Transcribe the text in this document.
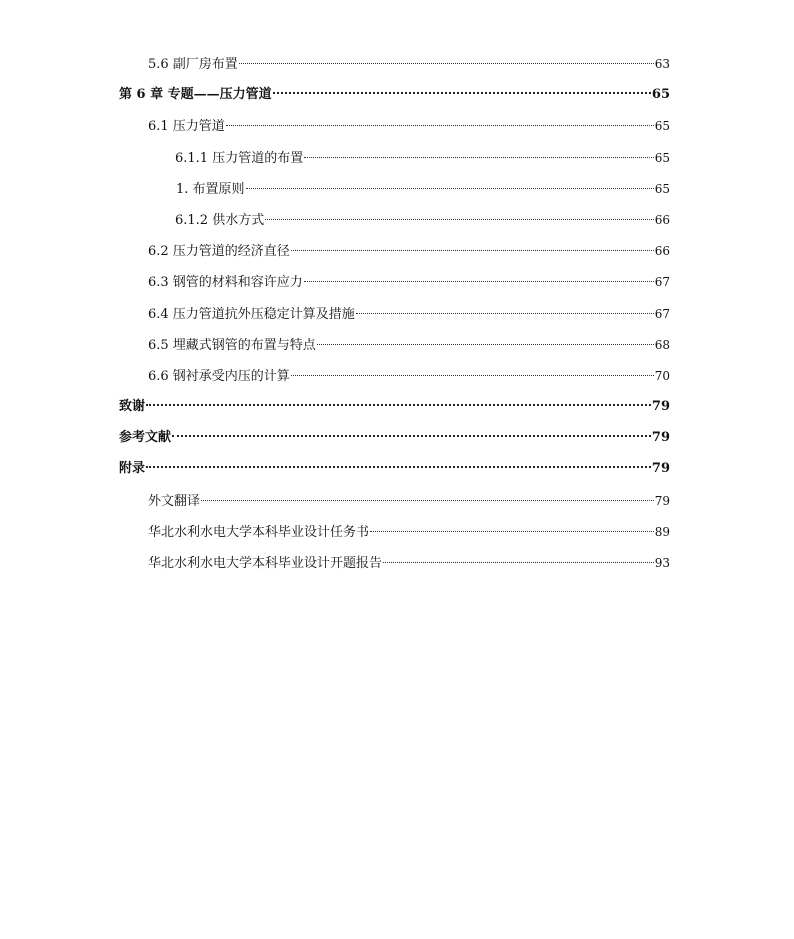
5.6 副厂房布置	63
第 6 章 专题——压力管道	65
6.1 压力管道	65
6.1.1 压力管道的布置	65
1. 布置原则	65
6.1.2 供水方式	66
6.2 压力管道的经济直径	66
6.3 钢管的材料和容许应力	67
6.4 压力管道抗外压稳定计算及措施	67
6.5 埋藏式钢管的布置与特点	68
6.6 钢衬承受内压的计算	70
致谢	79
参考文献	79
附录	79
外文翻译	79
华北水利水电大学本科毕业设计任务书	89
华北水利水电大学本科毕业设计开题报告	93
